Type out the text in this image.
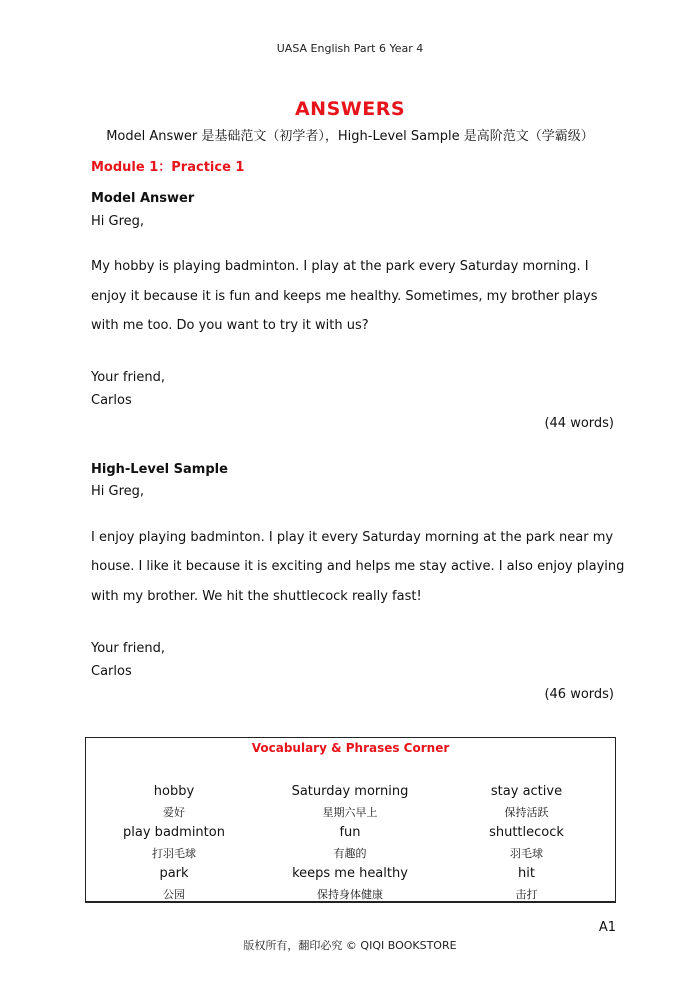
UASA English Part 6 Year 4
ANSWERS
Model Answer 是基础范文（初学者），High-Level Sample 是高阶范文（学霸级）
Module 1：Practice 1
Model Answer
Hi Greg,
My hobby is playing badminton. I play at the park every Saturday morning. I
enjoy it because it is fun and keeps me healthy. Sometimes, my brother plays
with me too. Do you want to try it with us?
Your friend,
Carlos
(44 words)
High-Level Sample
Hi Greg,
I enjoy playing badminton. I play it every Saturday morning at the park near my
house. I like it because it is exciting and helps me stay active. I also enjoy playing
with my brother. We hit the shuttlecock really fast!
Your friend,
Carlos
(46 words)
Vocabulary & Phrases Corner
hobby	Saturday morning	stay active
爱好	星期六早上	保持活跃
play badminton	fun	shuttlecock
打羽毛球	有趣的	羽毛球
park	keeps me healthy	hit
公园	保持身体健康	击打
A1
版权所有，翻印必究 © QIQI BOOKSTORE
